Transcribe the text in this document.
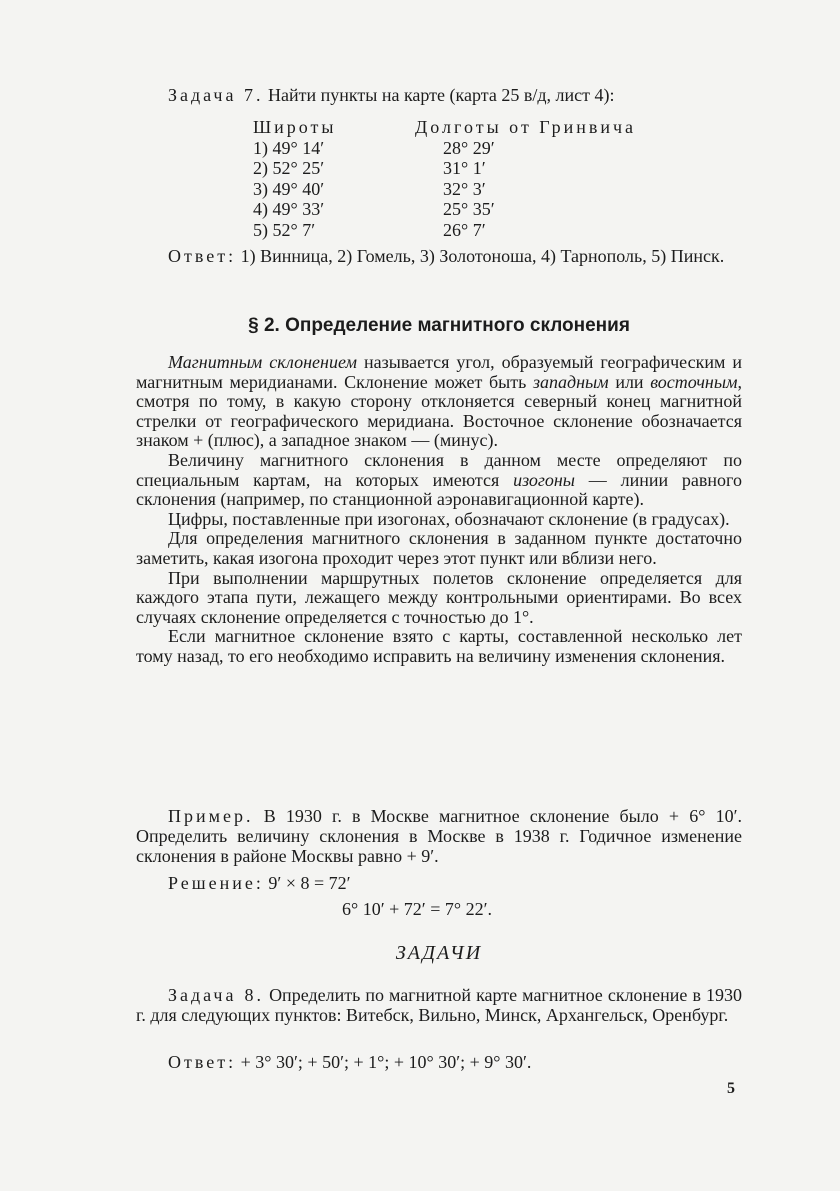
Задача 7. Найти пункты на карте (карта 25 в/д, лист 4):
Широты	Долготы от Гринвича
1) 49° 14′	28° 29′
2) 52° 25′	31° 1′
3) 49° 40′	32° 3′
4) 49° 33′	25° 35′
5) 52° 7′	26° 7′

Ответ: 1) Винница, 2) Гомель, 3) Золотоноша, 4) Тарнополь, 5) Пинск.

§ 2. Определение магнитного склонения

Магнитным склонением называется угол, образуемый географическим и магнитным меридианами. Склонение может быть западным или восточным, смотря по тому, в какую сторону отклоняется северный конец магнитной стрелки от географического меридиана. Восточное склонение обозначается знаком + (плюс), а западное знаком — (минус).

Величину магнитного склонения в данном месте определяют по специальным картам, на которых имеются изогоны — линии равного склонения (например, по станционной аэронавигационной карте).

Цифры, поставленные при изогонах, обозначают склонение (в градусах).

Для определения магнитного склонения в заданном пункте достаточно заметить, какая изогона проходит через этот пункт или вблизи него.

При выполнении маршрутных полетов склонение определяется для каждого этапа пути, лежащего между контрольными ориентирами. Во всех случаях склонение определяется с точностью до 1°.

Если магнитное склонение взято с карты, составленной несколько лет тому назад, то его необходимо исправить на величину изменения склонения.

Пример. В 1930 г. в Москве магнитное склонение было + 6° 10′. Определить величину склонения в Москве в 1938 г. Годичное изменение склонения в районе Москвы равно + 9′.

Решение: 9′ × 8 = 72′

6° 10′ + 72′ = 7° 22′.
ЗАДАЧИ

Задача 8. Определить по магнитной карте магнитное склонение в 1930 г. для следующих пунктов: Витебск, Вильно, Минск, Архангельск, Оренбург.

Ответ: + 3° 30′; + 50′; + 1°; + 10° 30′; + 9° 30′.

5
